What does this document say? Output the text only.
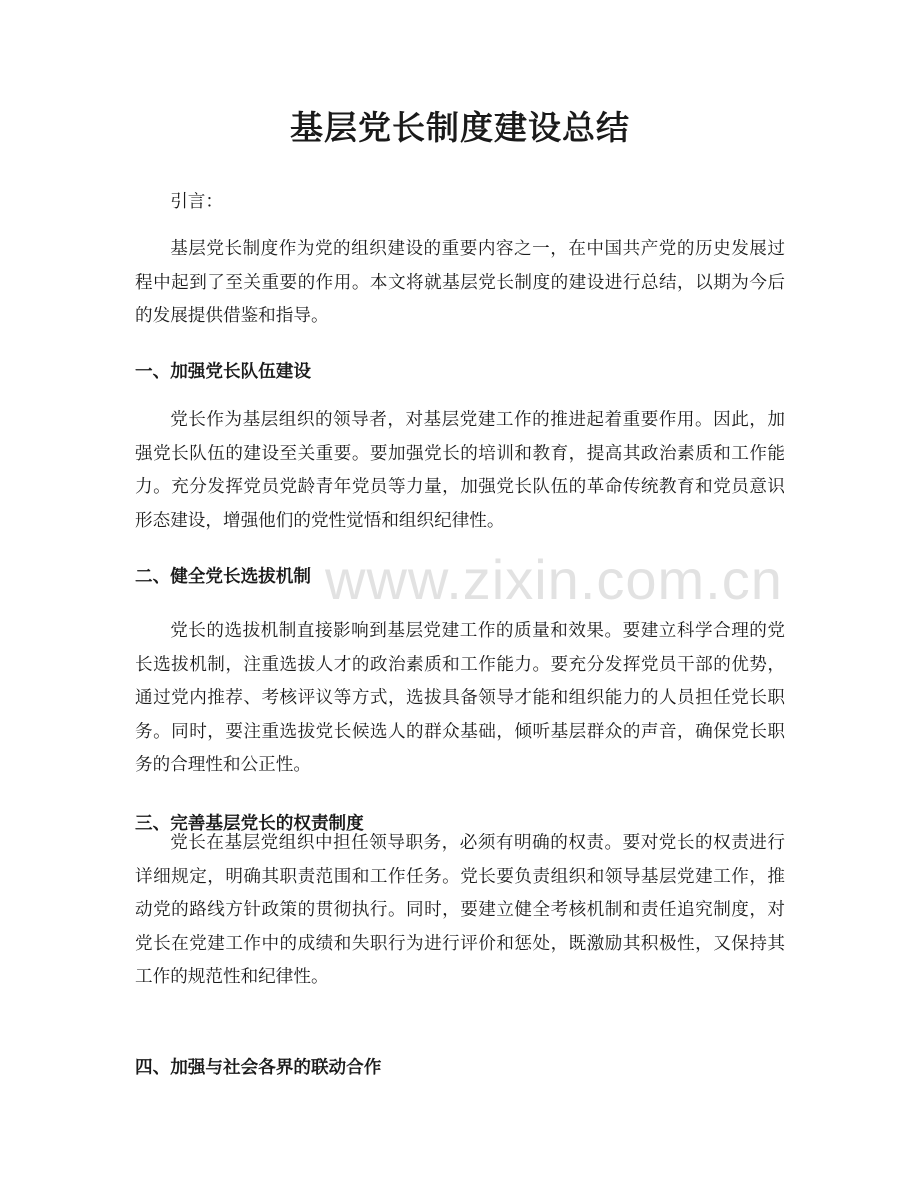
www.zixin.com.cn
基层党长制度建设总结

引言：

基层党长制度作为党的组织建设的重要内容之一，在中国共产党的历史发展过程中起到了至关重要的作用。本文将就基层党长制度的建设进行总结，以期为今后的发展提供借鉴和指导。

一、加强党长队伍建设

党长作为基层组织的领导者，对基层党建工作的推进起着重要作用。因此，加强党长队伍的建设至关重要。要加强党长的培训和教育，提高其政治素质和工作能力。充分发挥党员党龄青年党员等力量，加强党长队伍的革命传统教育和党员意识形态建设，增强他们的党性觉悟和组织纪律性。

二、健全党长选拔机制

党长的选拔机制直接影响到基层党建工作的质量和效果。要建立科学合理的党长选拔机制，注重选拔人才的政治素质和工作能力。要充分发挥党员干部的优势，通过党内推荐、考核评议等方式，选拔具备领导才能和组织能力的人员担任党长职务。同时，要注重选拔党长候选人的群众基础，倾听基层群众的声音，确保党长职务的合理性和公正性。

三、完善基层党长的权责制度

党长在基层党组织中担任领导职务，必须有明确的权责。要对党长的权责进行详细规定，明确其职责范围和工作任务。党长要负责组织和领导基层党建工作，推动党的路线方针政策的贯彻执行。同时，要建立健全考核机制和责任追究制度，对党长在党建工作中的成绩和失职行为进行评价和惩处，既激励其积极性，又保持其工作的规范性和纪律性。

四、加强与社会各界的联动合作
